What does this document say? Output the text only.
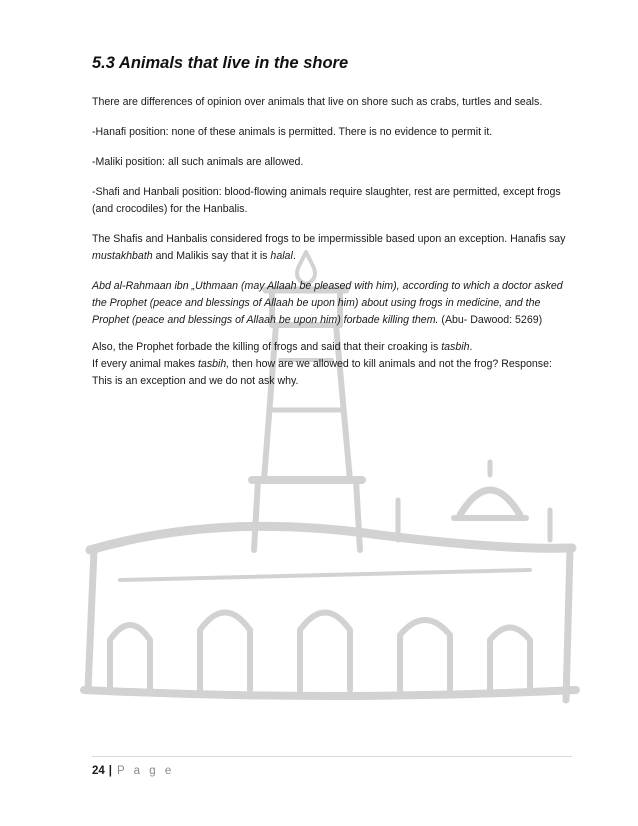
5.3 Animals that live in the shore

There are differences of opinion over animals that live on shore such as crabs, turtles and seals.

-Hanafi position: none of these animals is permitted. There is no evidence to permit it.

-Maliki position: all such animals are allowed.

-Shafi and Hanbali position: blood-flowing animals require slaughter, rest are permitted, except frogs (and crocodiles) for the Hanbalis.

The Shafis and Hanbalis considered frogs to be impermissible based upon an exception. Hanafis say mustakhbath and Malikis say that it is halal.

Abd al-Rahmaan ibn „Uthmaan (may Allaah be pleased with him), according to which a doctor asked the Prophet (peace and blessings of Allaah be upon him) about using frogs in medicine, and the Prophet (peace and blessings of Allaah be upon him) forbade killing them. (Abu- Dawood: 5269)

Also, the Prophet forbade the killing of frogs and said that their croaking is tasbih.

If every animal makes tasbih, then how are we allowed to kill animals and not the frog? Response: This is an exception and we do not ask why.

24 | P a g e
